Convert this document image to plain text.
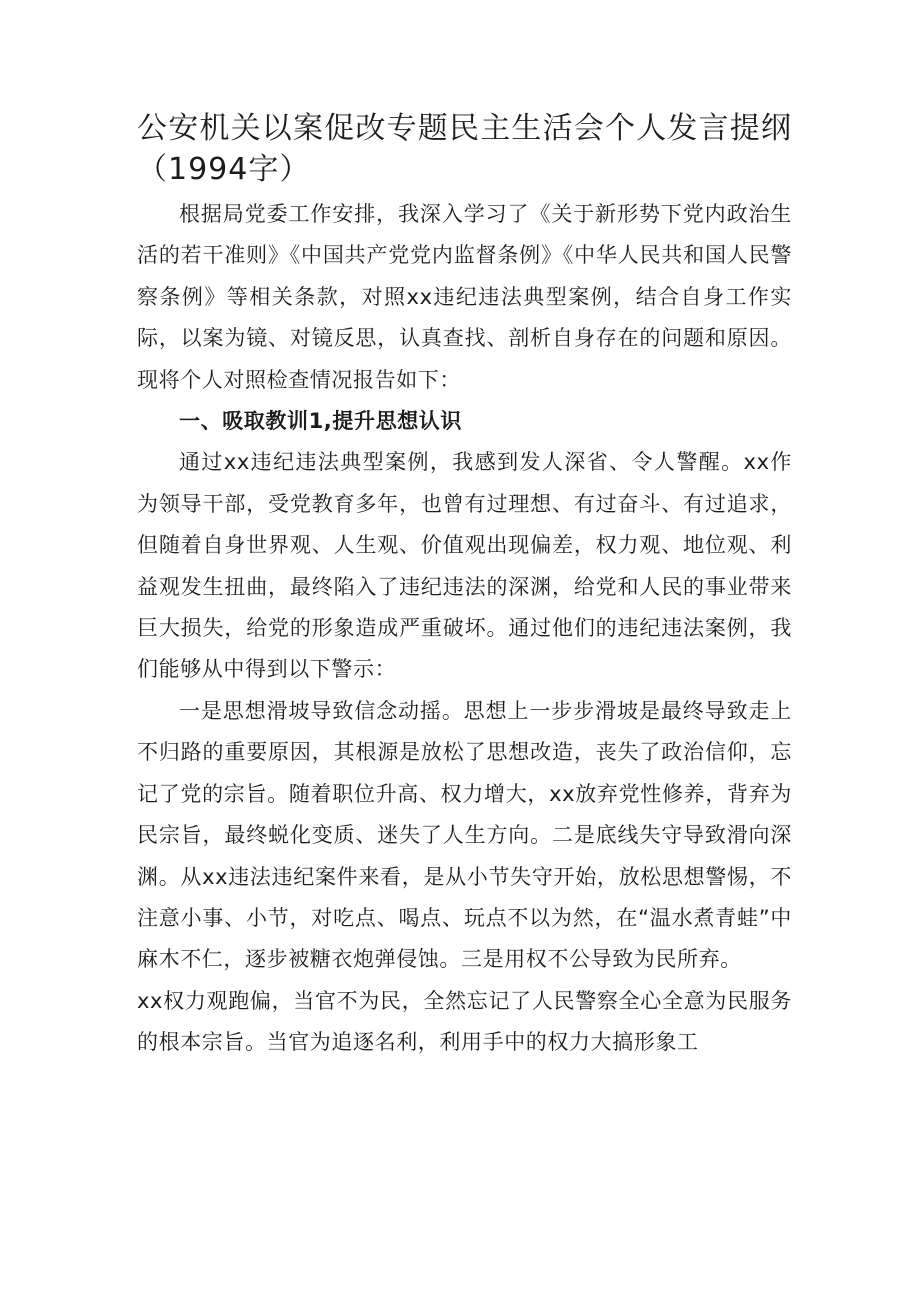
公安机关以案促改专题民主生活会个人发言提纲（1994字）

根据局党委工作安排，我深入学习了《关于新形势下党内政治生活的若干准则》《中国共产党党内监督条例》《中华人民共和国人民警察条例》等相关条款，对照xx违纪违法典型案例，结合自身工作实际，以案为镜、对镜反思，认真查找、剖析自身存在的问题和原因。现将个人对照检查情况报告如下：

一、吸取教训1,提升思想认识

通过xx违纪违法典型案例，我感到发人深省、令人警醒。xx作为领导干部，受党教育多年，也曾有过理想、有过奋斗、有过追求，但随着自身世界观、人生观、价值观出现偏差，权力观、地位观、利益观发生扭曲，最终陷入了违纪违法的深渊，给党和人民的事业带来巨大损失，给党的形象造成严重破坏。通过他们的违纪违法案例，我们能够从中得到以下警示：

一是思想滑坡导致信念动摇。思想上一步步滑坡是最终导致走上不归路的重要原因，其根源是放松了思想改造，丧失了政治信仰，忘记了党的宗旨。随着职位升高、权力增大，xx放弃党性修养，背弃为民宗旨，最终蜕化变质、迷失了人生方向。二是底线失守导致滑向深渊。从xx违法违纪案件来看，是从小节失守开始，放松思想警惕，不注意小事、小节，对吃点、喝点、玩点不以为然，在“温水煮青蛙”中麻木不仁，逐步被糖衣炮弹侵蚀。三是用权不公导致为民所弃。

xx权力观跑偏，当官不为民，全然忘记了人民警察全心全意为民服务的根本宗旨。当官为追逐名利，利用手中的权力大搞形象工
